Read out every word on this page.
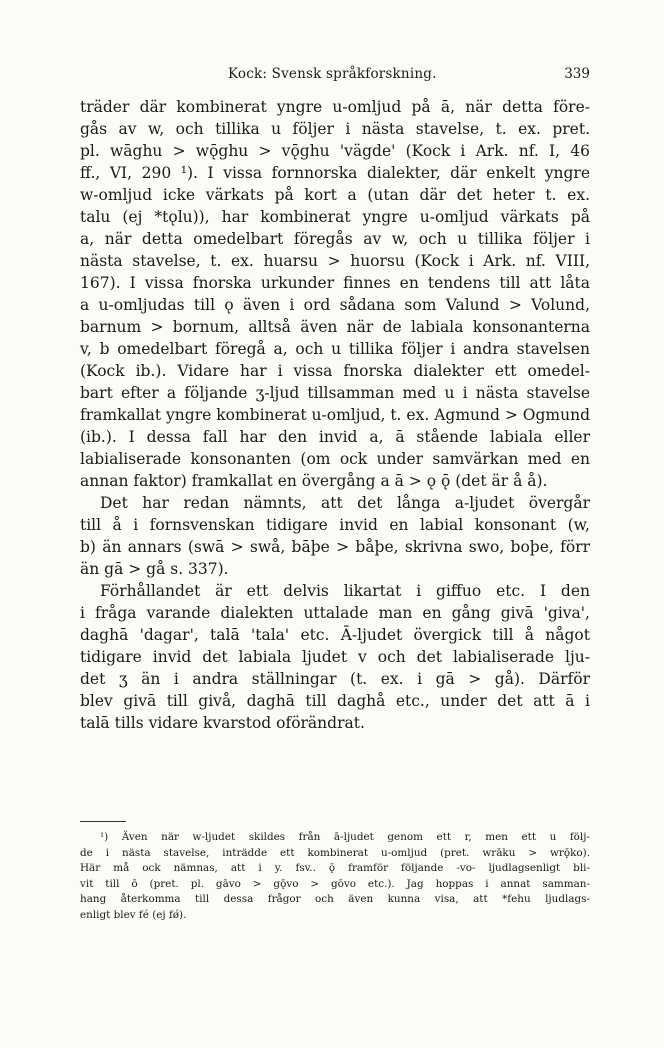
Kock: Svensk språkforskning.	339
träder där kombinerat yngre u-omljud på ā, när detta före-
gås av w, och tillika u följer i nästa stavelse, t. ex. pret.
pl. wāghu > wǭghu > vǭghu 'vägde' (Kock i Ark. nf. I, 46
ff., VI, 290 ¹). I vissa fornnorska dialekter, där enkelt yngre
w-omljud icke värkats på kort a (utan där det heter t. ex.
talu (ej *tǫlu)), har kombinerat yngre u-omljud värkats på
a, när detta omedelbart föregås av w, och u tillika följer i
nästa stavelse, t. ex. huarsu > huorsu (Kock i Ark. nf. VIII,
167). I vissa fnorska urkunder finnes en tendens till att låta
a u-omljudas till ǫ även i ord sådana som Valund > Volund,
barnum > bornum, alltså även när de labiala konsonanterna
v, b omedelbart föregå a, och u tillika följer i andra stavelsen
(Kock ib.). Vidare har i vissa fnorska dialekter ett omedel-
bart efter a följande ʒ-ljud tillsamman med u i nästa stavelse
framkallat yngre kombinerat u-omljud, t. ex. Agmund > Ogmund
(ib.). I dessa fall har den invid a, ā stående labiala eller
labialiserade konsonanten (om ock under samvärkan med en
annan faktor) framkallat en övergång a ā > ǫ ǭ (det är å å).
Det har redan nämnts, att det långa a-ljudet övergår
till å i fornsvenskan tidigare invid en labial konsonant (w,
b) än annars (swā > swå, bāþe > båþe, skrivna swo, boþe, förr
än gā > gå s. 337).
Förhållandet är ett delvis likartat i giffuo etc. I den
i fråga varande dialekten uttalade man en gång givā 'giva',
daghā 'dagar', talā 'tala' etc. Ā-ljudet övergick till å något
tidigare invid det labiala ljudet v och det labialiserade lju-
det ʒ än i andra ställningar (t. ex. i gā > gå). Därför
blev givā till givå, daghā till daghå etc., under det att ā i
talā tills vidare kvarstod oförändrat.
¹) Även när w-ljudet skildes från ā-ljudet genom ett r, men ett u följ-
de i nästa stavelse, inträdde ett kombinerat u-omljud (pret. wrāku > wrǭko).
Här må ock nämnas, att i y. fsv.. ǭ framför följande -vo- ljudlagsenligt bli-
vit till ō (pret. pl. gāvo > gǭvo > gōvo etc.). Jag hoppas i annat samman-
hang återkomma till dessa frågor och även kunna visa, att *fehu ljudlags-
enligt blev fé (ej fǿ).
